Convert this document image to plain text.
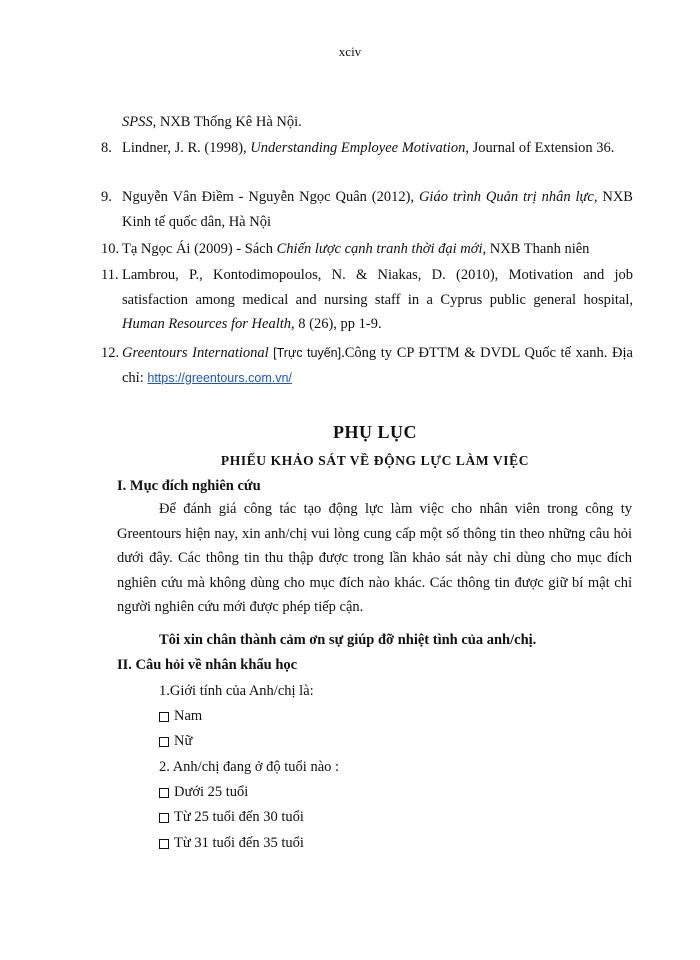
xciv
SPSS, NXB Thống Kê Hà Nội.
8. Lindner, J. R. (1998), Understanding Employee Motivation, Journal of Extension 36.
9. Nguyễn Vân Điềm - Nguyễn Ngọc Quân (2012), Giáo trình Quản trị nhân lực, NXB Kinh tế quốc dân, Hà Nội
10. Tạ Ngọc Ái (2009) - Sách Chiến lược cạnh tranh thời đại mới, NXB Thanh niên
11. Lambrou, P., Kontodimopoulos, N. & Niakas, D. (2010), Motivation and job satisfaction among medical and nursing staff in a Cyprus public general hospital, Human Resources for Health, 8 (26), pp 1-9.
12. Greentours International [Trực tuyến].Công ty CP ĐTTM & DVDL Quốc tế xanh. Địa chỉ: https://greentours.com.vn/
PHỤ LỤC
PHIẾU KHẢO SÁT VỀ ĐỘNG LỰC LÀM VIỆC
I. Mục đích nghiên cứu
Để đánh giá công tác tạo động lực làm việc cho nhân viên trong công ty Greentours hiện nay, xin anh/chị vui lòng cung cấp một số thông tin theo những câu hỏi dưới đây. Các thông tin thu thập được trong lần khảo sát này chỉ dùng cho mục đích nghiên cứu mà không dùng cho mục đích nào khác. Các thông tin được giữ bí mật chỉ người nghiên cứu mới được phép tiếp cận.
Tôi xin chân thành cảm ơn sự giúp đỡ nhiệt tình của anh/chị.
II. Câu hỏi về nhân khẩu học
1.Giới tính của Anh/chị là:
Nam
Nữ
2. Anh/chị đang ở độ tuổi nào :
Dưới 25 tuổi
Từ 25 tuổi đến 30 tuổi
Từ 31 tuổi đến 35 tuổi
